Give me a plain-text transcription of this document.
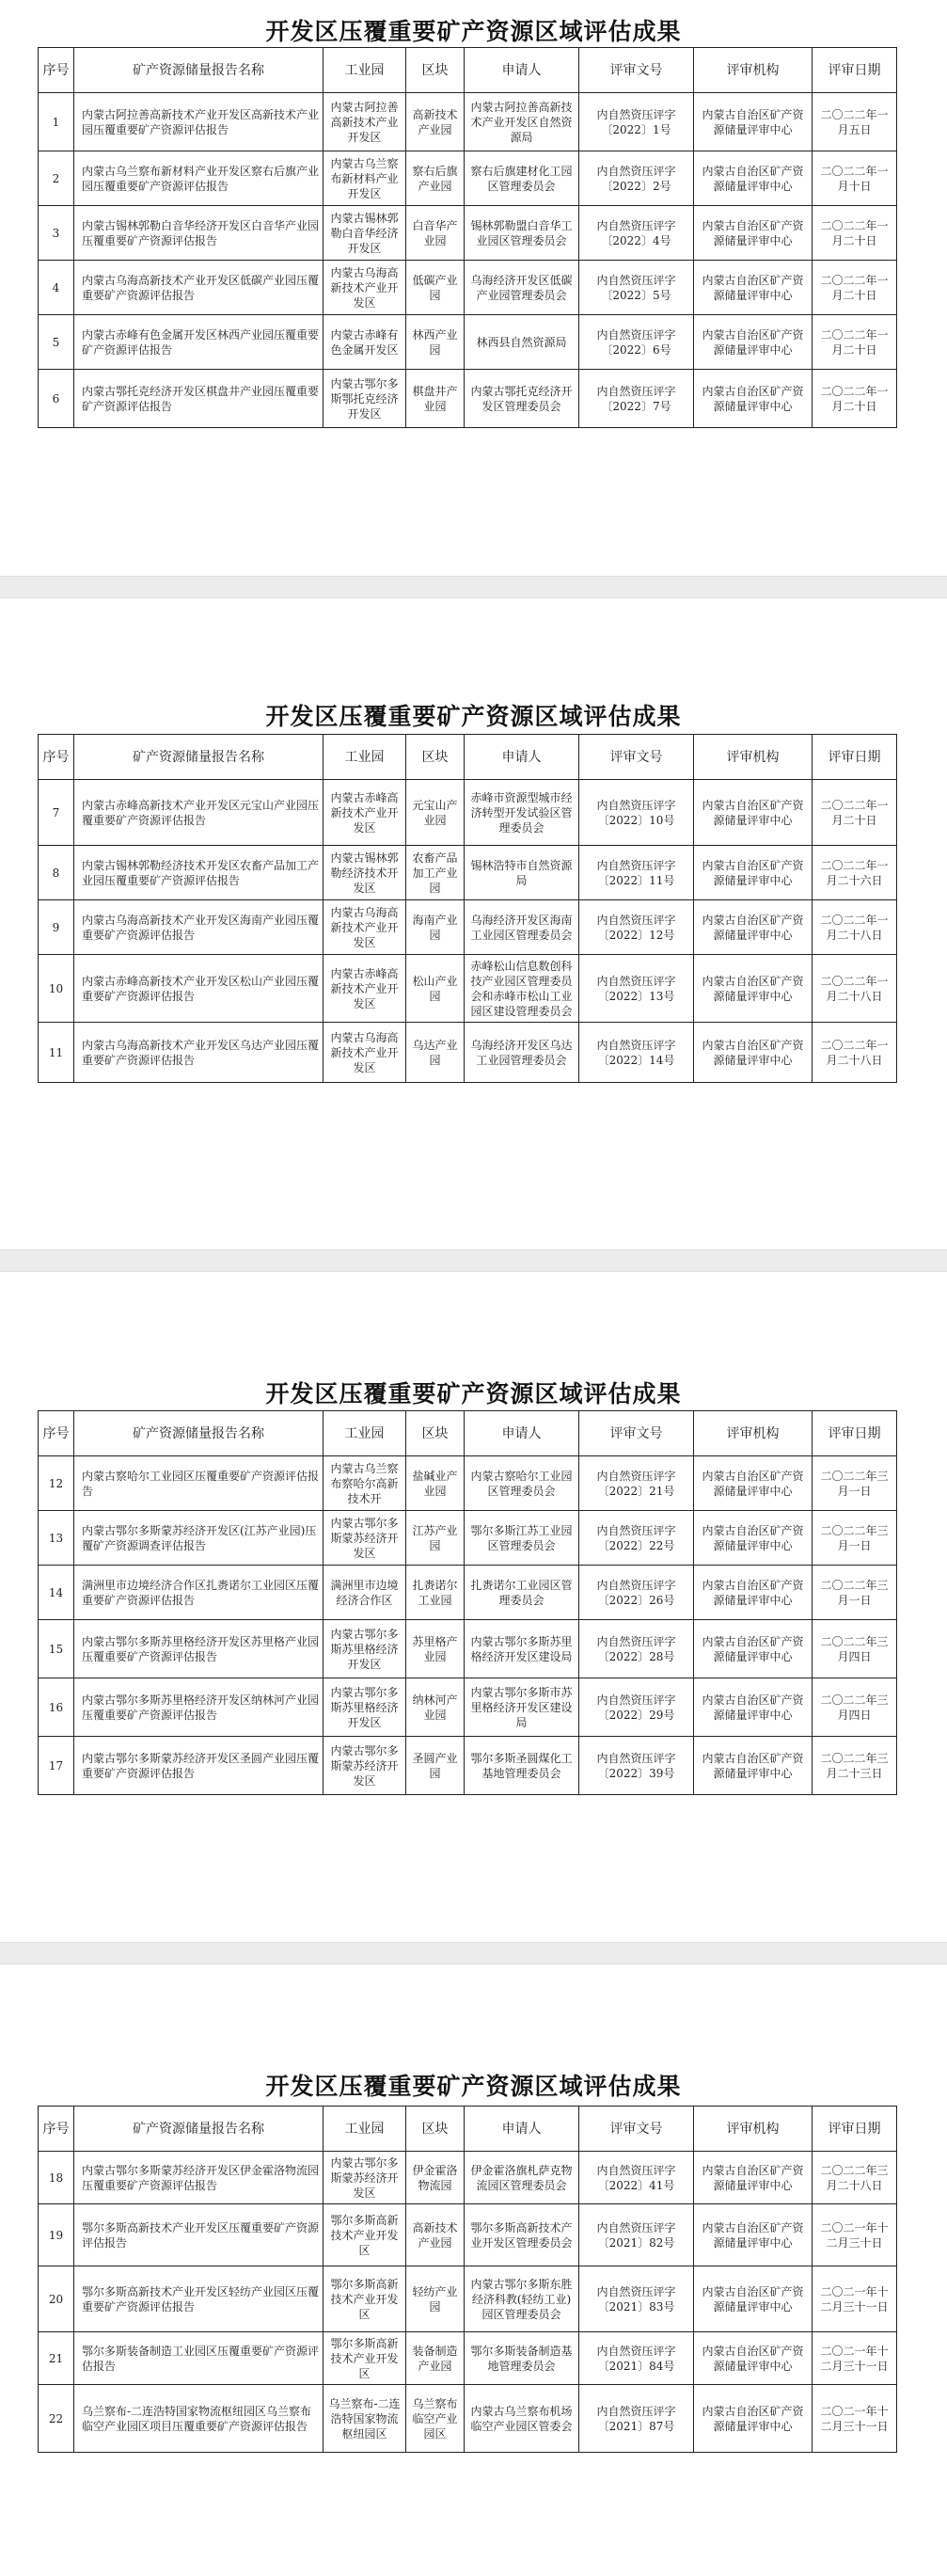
开发区压覆重要矿产资源区域评估成果
序号	矿产资源储量报告名称	工业园	区块	申请人	评审文号	评审机构	评审日期
1	内蒙古阿拉善高新技术产业开发区高新技术产业园压覆重要矿产资源评估报告	内蒙古阿拉善高新技术产业开发区	高新技术产业园	内蒙古阿拉善高新技术产业开发区自然资源局	内自然资压评字〔2022〕1号	内蒙古自治区矿产资源储量评审中心	二〇二二年一月五日
2	内蒙古乌兰察布新材料产业开发区察右后旗产业园压覆重要矿产资源评估报告	内蒙古乌兰察布新材料产业开发区	察右后旗产业园	察右后旗建材化工园区管理委员会	内自然资压评字〔2022〕2号	内蒙古自治区矿产资源储量评审中心	二〇二二年一月十日
3	内蒙古锡林郭勒白音华经济开发区白音华产业园压覆重要矿产资源评估报告	内蒙古锡林郭勒白音华经济开发区	白音华产业园	锡林郭勒盟白音华工业园区管理委员会	内自然资压评字〔2022〕4号	内蒙古自治区矿产资源储量评审中心	二〇二二年一月二十日
4	内蒙古乌海高新技术产业开发区低碳产业园压覆重要矿产资源评估报告	内蒙古乌海高新技术产业开发区	低碳产业园	乌海经济开发区低碳产业园管理委员会	内自然资压评字〔2022〕5号	内蒙古自治区矿产资源储量评审中心	二〇二二年一月二十日
5	内蒙古赤峰有色金属开发区林西产业园压覆重要矿产资源评估报告	内蒙古赤峰有色金属开发区	林西产业园	林西县自然资源局	内自然资压评字〔2022〕6号	内蒙古自治区矿产资源储量评审中心	二〇二二年一月二十日
6	内蒙古鄂托克经济开发区棋盘井产业园压覆重要矿产资源评估报告	内蒙古鄂尔多斯鄂托克经济开发区	棋盘井产业园	内蒙古鄂托克经济开发区管理委员会	内自然资压评字〔2022〕7号	内蒙古自治区矿产资源储量评审中心	二〇二二年一月二十日
开发区压覆重要矿产资源区域评估成果
序号	矿产资源储量报告名称	工业园	区块	申请人	评审文号	评审机构	评审日期
7	内蒙古赤峰高新技术产业开发区元宝山产业园压覆重要矿产资源评估报告	内蒙古赤峰高新技术产业开发区	元宝山产业园	赤峰市资源型城市经济转型开发试验区管理委员会	内自然资压评字〔2022〕10号	内蒙古自治区矿产资源储量评审中心	二〇二二年一月二十日
8	内蒙古锡林郭勒经济技术开发区农畜产品加工产业园压覆重要矿产资源评估报告	内蒙古锡林郭勒经济技术开发区	农畜产品加工产业园	锡林浩特市自然资源局	内自然资压评字〔2022〕11号	内蒙古自治区矿产资源储量评审中心	二〇二二年一月二十六日
9	内蒙古乌海高新技术产业开发区海南产业园压覆重要矿产资源评估报告	内蒙古乌海高新技术产业开发区	海南产业园	乌海经济开发区海南工业园区管理委员会	内自然资压评字〔2022〕12号	内蒙古自治区矿产资源储量评审中心	二〇二二年一月二十八日
10	内蒙古赤峰高新技术产业开发区松山产业园压覆重要矿产资源评估报告	内蒙古赤峰高新技术产业开发区	松山产业园	赤峰松山信息数创科技产业园区管理委员会和赤峰市松山工业园区建设管理委员会	内自然资压评字〔2022〕13号	内蒙古自治区矿产资源储量评审中心	二〇二二年一月二十八日
11	内蒙古乌海高新技术产业开发区乌达产业园压覆重要矿产资源评估报告	内蒙古乌海高新技术产业开发区	乌达产业园	乌海经济开发区乌达工业园管理委员会	内自然资压评字〔2022〕14号	内蒙古自治区矿产资源储量评审中心	二〇二二年一月二十八日
开发区压覆重要矿产资源区域评估成果
序号	矿产资源储量报告名称	工业园	区块	申请人	评审文号	评审机构	评审日期
12	内蒙古察哈尔工业园区压覆重要矿产资源评估报告	内蒙古乌兰察布察哈尔高新技术开	盐碱业产业园	内蒙古察哈尔工业园区管理委员会	内自然资压评字〔2022〕21号	内蒙古自治区矿产资源储量评审中心	二〇二二年三月一日
13	内蒙古鄂尔多斯蒙苏经济开发区(江苏产业园)压覆矿产资源调查评估报告	内蒙古鄂尔多斯蒙苏经济开发区	江苏产业园	鄂尔多斯江苏工业园区管理委员会	内自然资压评字〔2022〕22号	内蒙古自治区矿产资源储量评审中心	二〇二二年三月一日
14	满洲里市边境经济合作区扎赉诺尔工业园区压覆重要矿产资源评估报告	满洲里市边境经济合作区	扎赉诺尔工业园	扎赉诺尔工业园区管理委员会	内自然资压评字〔2022〕26号	内蒙古自治区矿产资源储量评审中心	二〇二二年三月一日
15	内蒙古鄂尔多斯苏里格经济开发区苏里格产业园压覆重要矿产资源评估报告	内蒙古鄂尔多斯苏里格经济开发区	苏里格产业园	内蒙古鄂尔多斯苏里格经济开发区建设局	内自然资压评字〔2022〕28号	内蒙古自治区矿产资源储量评审中心	二〇二二年三月四日
16	内蒙古鄂尔多斯苏里格经济开发区纳林河产业园压覆重要矿产资源评估报告	内蒙古鄂尔多斯苏里格经济开发区	纳林河产业园	内蒙古鄂尔多斯市苏里格经济开发区建设局	内自然资压评字〔2022〕29号	内蒙古自治区矿产资源储量评审中心	二〇二二年三月四日
17	内蒙古鄂尔多斯蒙苏经济开发区圣圆产业园压覆重要矿产资源评估报告	内蒙古鄂尔多斯蒙苏经济开发区	圣圆产业园	鄂尔多斯圣圆煤化工基地管理委员会	内自然资压评字〔2022〕39号	内蒙古自治区矿产资源储量评审中心	二〇二二年三月二十三日
开发区压覆重要矿产资源区域评估成果
序号	矿产资源储量报告名称	工业园	区块	申请人	评审文号	评审机构	评审日期
18	内蒙古鄂尔多斯蒙苏经济开发区伊金霍洛物流园压覆重要矿产资源评估报告	内蒙古鄂尔多斯蒙苏经济开发区	伊金霍洛物流园	伊金霍洛旗札萨克物流园区管理委员会	内自然资压评字〔2022〕41号	内蒙古自治区矿产资源储量评审中心	二〇二二年三月二十八日
19	鄂尔多斯高新技术产业开发区压覆重要矿产资源评估报告	鄂尔多斯高新技术产业开发区	高新技术产业园	鄂尔多斯高新技术产业开发区管理委员会	内自然资压评字〔2021〕82号	内蒙古自治区矿产资源储量评审中心	二〇二一年十二月三十日
20	鄂尔多斯高新技术产业开发区轻纺产业园区压覆重要矿产资源评估报告	鄂尔多斯高新技术产业开发区	轻纺产业园	内蒙古鄂尔多斯东胜经济科教(轻纺工业)园区管理委员会	内自然资压评字〔2021〕83号	内蒙古自治区矿产资源储量评审中心	二〇二一年十二月三十一日
21	鄂尔多斯装备制造工业园区压覆重要矿产资源评估报告	鄂尔多斯高新技术产业开发区	装备制造产业园	鄂尔多斯装备制造基地管理委员会	内自然资压评字〔2021〕84号	内蒙古自治区矿产资源储量评审中心	二〇二一年十二月三十一日
22	乌兰察布-二连浩特国家物流枢纽园区乌兰察布临空产业园区项目压覆重要矿产资源评估报告	乌兰察布-二连浩特国家物流枢纽园区	乌兰察布临空产业园区	内蒙古乌兰察布机场临空产业园区管委会	内自然资压评字〔2021〕87号	内蒙古自治区矿产资源储量评审中心	二〇二一年十二月三十一日
